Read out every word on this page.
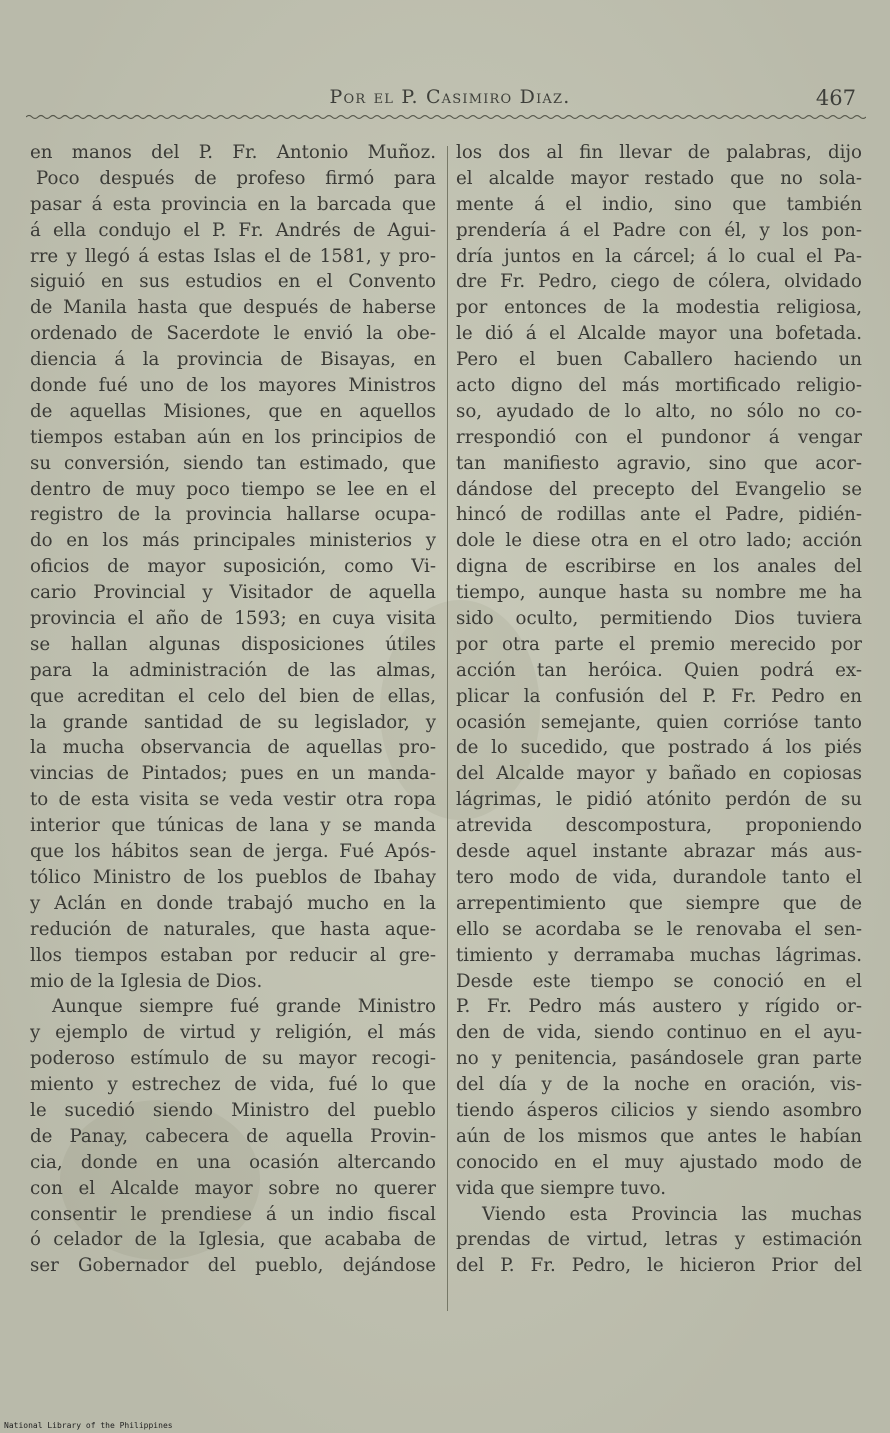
Por el P. Casimiro Diaz.	467
en manos del P. Fr. Antonio Muñoz.
Poco después de profeso firmó para
pasar á esta provincia en la barcada que
á ella condujo el P. Fr. Andrés de Agui-
rre y llegó á estas Islas el de 1581, y pro-
siguió en sus estudios en el Convento
de Manila hasta que después de haberse
ordenado de Sacerdote le envió la obe-
diencia á la provincia de Bisayas, en
donde fué uno de los mayores Ministros
de aquellas Misiones, que en aquellos
tiempos estaban aún en los principios de
su conversión, siendo tan estimado, que
dentro de muy poco tiempo se lee en el
registro de la provincia hallarse ocupa-
do en los más principales ministerios y
oficios de mayor suposición, como Vi-
cario Provincial y Visitador de aquella
provincia el año de 1593; en cuya visita
se hallan algunas disposiciones útiles
para la administración de las almas,
que acreditan el celo del bien de ellas,
la grande santidad de su legislador, y
la mucha observancia de aquellas pro-
vincias de Pintados; pues en un manda-
to de esta visita se veda vestir otra ropa
interior que túnicas de lana y se manda
que los hábitos sean de jerga. Fué Após-
tólico Ministro de los pueblos de Ibahay
y Aclán en donde trabajó mucho en la
redución de naturales, que hasta aque-
llos tiempos estaban por reducir al gre-
mio de la Iglesia de Dios.
Aunque siempre fué grande Ministro
y ejemplo de virtud y religión, el más
poderoso estímulo de su mayor recogi-
miento y estrechez de vida, fué lo que
le sucedió siendo Ministro del pueblo
de Panay, cabecera de aquella Provin-
cia, donde en una ocasión altercando
con el Alcalde mayor sobre no querer
consentir le prendiese á un indio fiscal
ó celador de la Iglesia, que acababa de
ser Gobernador del pueblo, dejándose
los dos al fin llevar de palabras, dijo
el alcalde mayor restado que no sola-
mente á el indio, sino que también
prendería á el Padre con él, y los pon-
dría juntos en la cárcel; á lo cual el Pa-
dre Fr. Pedro, ciego de cólera, olvidado
por entonces de la modestia religiosa,
le dió á el Alcalde mayor una bofetada.
Pero el buen Caballero haciendo un
acto digno del más mortificado religio-
so, ayudado de lo alto, no sólo no co-
rrespondió con el pundonor á vengar
tan manifiesto agravio, sino que acor-
dándose del precepto del Evangelio se
hincó de rodillas ante el Padre, pidién-
dole le diese otra en el otro lado; acción
digna de escribirse en los anales del
tiempo, aunque hasta su nombre me ha
sido oculto, permitiendo Dios tuviera
por otra parte el premio merecido por
acción tan heróica. Quien podrá ex-
plicar la confusión del P. Fr. Pedro en
ocasión semejante, quien corrióse tanto
de lo sucedido, que postrado á los piés
del Alcalde mayor y bañado en copiosas
lágrimas, le pidió atónito perdón de su
atrevida descompostura, proponiendo
desde aquel instante abrazar más aus-
tero modo de vida, durandole tanto el
arrepentimiento que siempre que de
ello se acordaba se le renovaba el sen-
timiento y derramaba muchas lágrimas.
Desde este tiempo se conoció en el
P. Fr. Pedro más austero y rígido or-
den de vida, siendo continuo en el ayu-
no y penitencia, pasándosele gran parte
del día y de la noche en oración, vis-
tiendo ásperos cilicios y siendo asombro
aún de los mismos que antes le habían
conocido en el muy ajustado modo de
vida que siempre tuvo.
Viendo esta Provincia las muchas
prendas de virtud, letras y estimación
del P. Fr. Pedro, le hicieron Prior del
National Library of the Philippines
